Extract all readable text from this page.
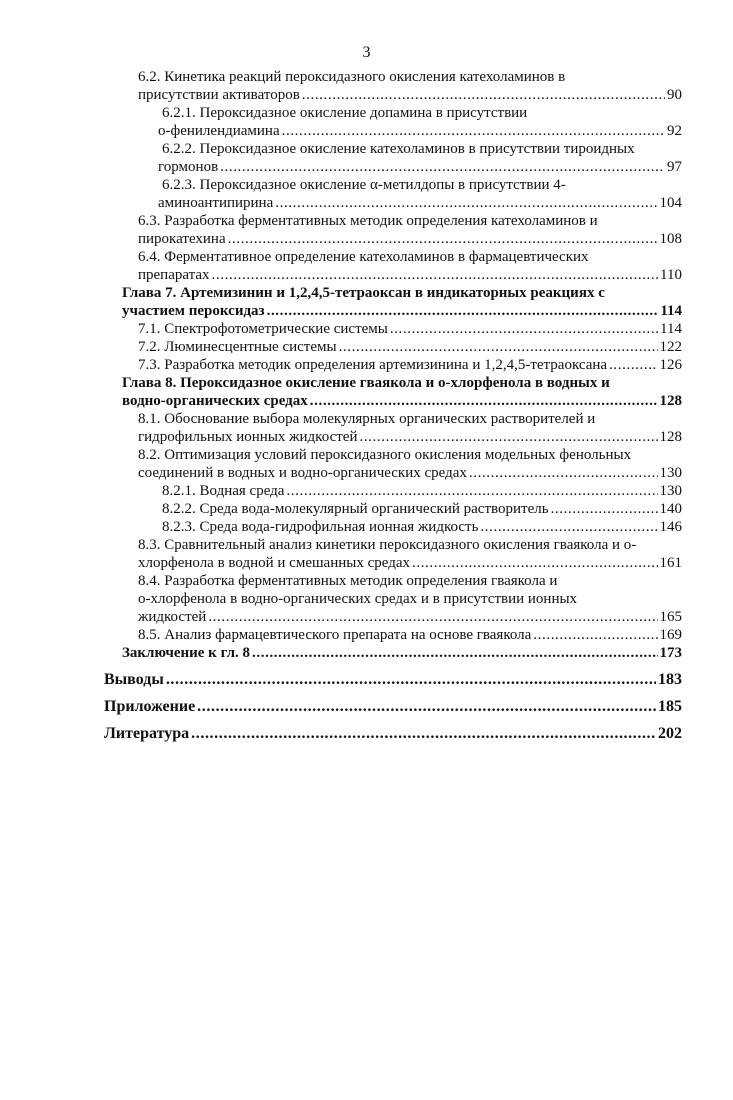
3
6.2. Кинетика реакций пероксидазного окисления катехоламинов в
присутствии активаторов .....	90
6.2.1. Пероксидазное окисление допамина в присутствии
о-фенилендиамина .....	92
6.2.2. Пероксидазное окисление катехоламинов в присутствии тироидных
гормонов .....	97
6.2.3. Пероксидазное окисление α-метилдопы в присутствии 4-
аминоантипирина .....	104
6.3. Разработка ферментативных методик определения катехоламинов и
пирокатехина .....	108
6.4. Ферментативное определение катехоламинов в фармацевтических
препаратах .....	110
Глава 7. Артемизинин и 1,2,4,5-тетраоксан в индикаторных реакциях с
участием пероксидаз .....	114
7.1. Спектрофотометрические системы .....	114
7.2. Люминесцентные системы .....	122
7.3. Разработка методик определения артемизинина и 1,2,4,5-тетраоксана .....	126
Глава 8. Пероксидазное окисление гваякола и о-хлорфенола в водных и
водно-органических средах .....	128
8.1. Обоснование выбора молекулярных органических растворителей и
гидрофильных ионных жидкостей .....	128
8.2. Оптимизация условий пероксидазного окисления модельных фенольных
соединений в водных и водно-органических средах .....	130
8.2.1. Водная среда .....	130
8.2.2. Среда вода-молекулярный органический растворитель .....	140
8.2.3. Среда вода-гидрофильная ионная жидкость .....	146
8.3. Сравнительный анализ кинетики пероксидазного окисления гваякола и о-
хлорфенола в водной и смешанных средах .....	161
8.4. Разработка ферментативных методик определения гваякола и
о-хлорфенола в водно-органических средах и в присутствии ионных
жидкостей .....	165
8.5. Анализ фармацевтического препарата на основе гваякола .....	169
Заключение к гл. 8 .....	173
Выводы .....	183
Приложение .....	185
Литература .....	202
